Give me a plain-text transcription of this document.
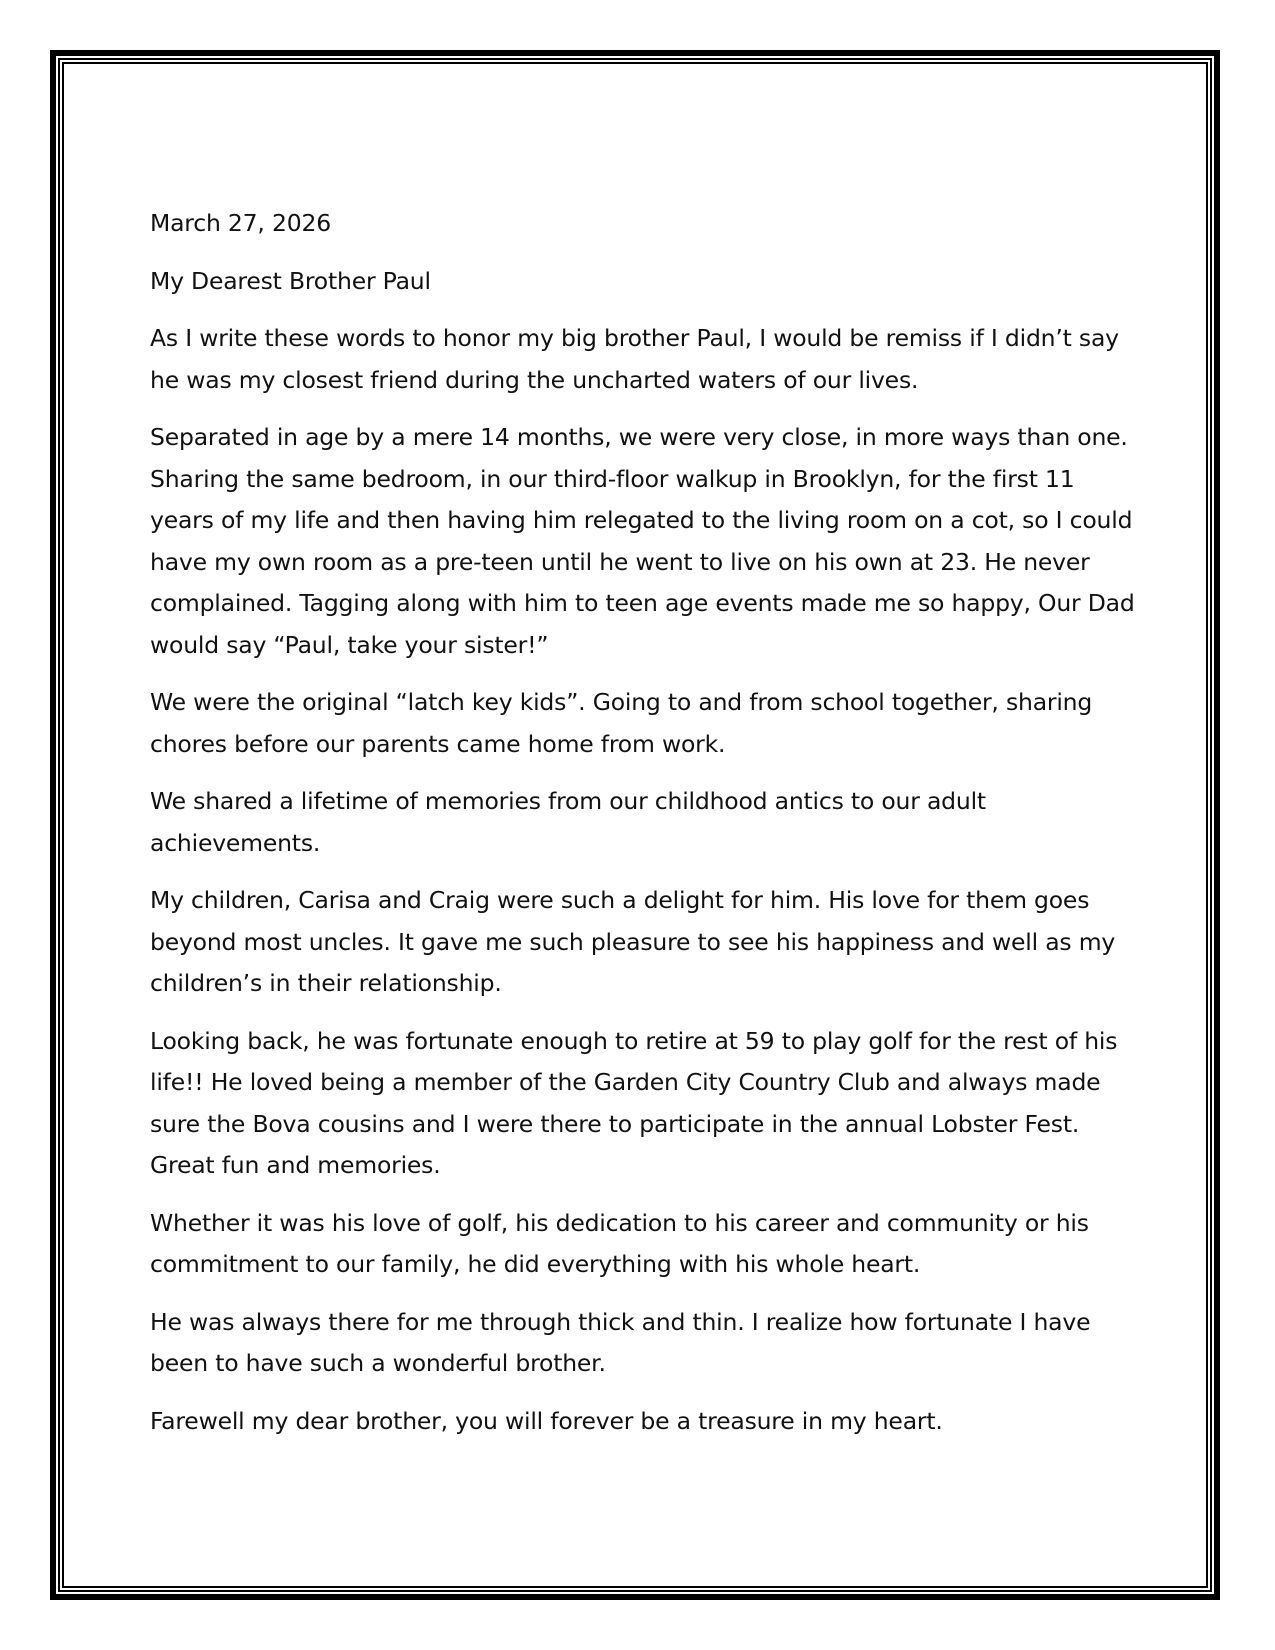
March 27, 2026

My Dearest Brother Paul

As I write these words to honor my big brother Paul, I would be remiss if I didn’t say he was my closest friend during the uncharted waters of our lives.

Separated in age by a mere 14 months, we were very close, in more ways than one. Sharing the same bedroom, in our third-floor walkup in Brooklyn, for the first 11 years of my life and then having him relegated to the living room on a cot, so I could have my own room as a pre-teen until he went to live on his own at 23. He never complained. Tagging along with him to teen age events made me so happy, Our Dad would say “Paul, take your sister!”

We were the original “latch key kids”. Going to and from school together, sharing chores before our parents came home from work.

We shared a lifetime of memories from our childhood antics to our adult achievements.

My children, Carisa and Craig were such a delight for him. His love for them goes beyond most uncles. It gave me such pleasure to see his happiness and well as my children’s in their relationship.

Looking back, he was fortunate enough to retire at 59 to play golf for the rest of his life!! He loved being a member of the Garden City Country Club and always made sure the Bova cousins and I were there to participate in the annual Lobster Fest. Great fun and memories.

Whether it was his love of golf, his dedication to his career and community or his commitment to our family, he did everything with his whole heart.

He was always there for me through thick and thin. I realize how fortunate I have been to have such a wonderful brother.

Farewell my dear brother, you will forever be a treasure in my heart.
